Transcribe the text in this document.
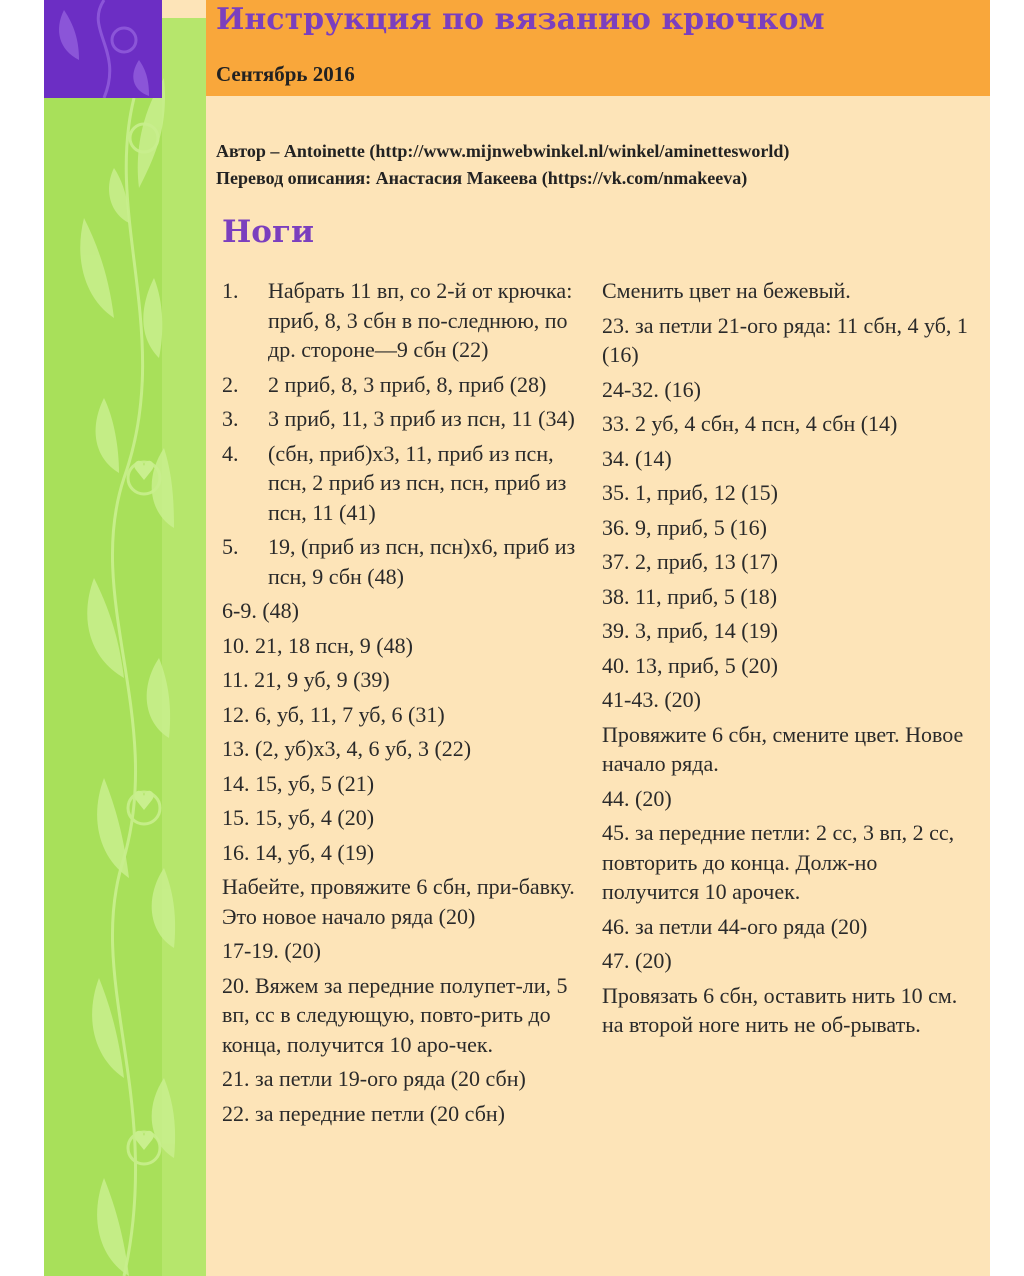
Инструкция по вязанию крючком
Сентябрь 2016
Автор – Antoinette (http://www.mijnwebwinkel.nl/winkel/aminettesworld)
Перевод описания: Анастасия Макеева (https://vk.com/nmakeeva)
Ноги
1.	Набрать 11 вп, со 2-й от крючка: приб, 8, 3 сбн в по-следнюю, по др. стороне—9 сбн (22)
2.	2 приб, 8, 3 приб, 8, приб (28)
3.	3 приб, 11, 3 приб из псн, 11 (34)
4.	(сбн, приб)х3, 11, приб из псн, псн, 2 приб из псн, псн, приб из псн, 11 (41)
5.	19, (приб из псн, псн)х6, приб из псн, 9 сбн (48)
6-9. (48)
10. 21, 18 псн, 9 (48)
11. 21, 9 уб, 9 (39)
12. 6, уб, 11, 7 уб, 6 (31)
13. (2, уб)х3, 4, 6 уб, 3 (22)
14. 15, уб, 5 (21)
15. 15, уб, 4 (20)
16. 14, уб, 4 (19)
Набейте, провяжите 6 сбн, при-бавку. Это новое начало ряда (20)
17-19. (20)
20. Вяжем за передние полупет-ли, 5 вп, сс в следующую, повто-рить до конца, получится 10 аро-чек.
21. за петли 19-ого ряда (20 сбн)
22. за передние петли (20 сбн)
Сменить цвет на бежевый.
23. за петли 21-ого ряда: 11 сбн, 4 уб, 1 (16)
24-32. (16)
33. 2 уб, 4 сбн, 4 псн, 4 сбн (14)
34. (14)
35. 1, приб, 12 (15)
36. 9, приб, 5 (16)
37. 2, приб, 13 (17)
38. 11, приб, 5 (18)
39. 3, приб, 14 (19)
40. 13, приб, 5 (20)
41-43. (20)
Провяжите 6 сбн, смените цвет. Новое начало ряда.
44. (20)
45. за передние петли: 2 сс, 3 вп, 2 сс, повторить до конца. Долж-но получится 10 арочек.
46. за петли 44-ого ряда (20)
47. (20)
Провязать 6 сбн, оставить нить 10 см. на второй ноге нить не об-рывать.
